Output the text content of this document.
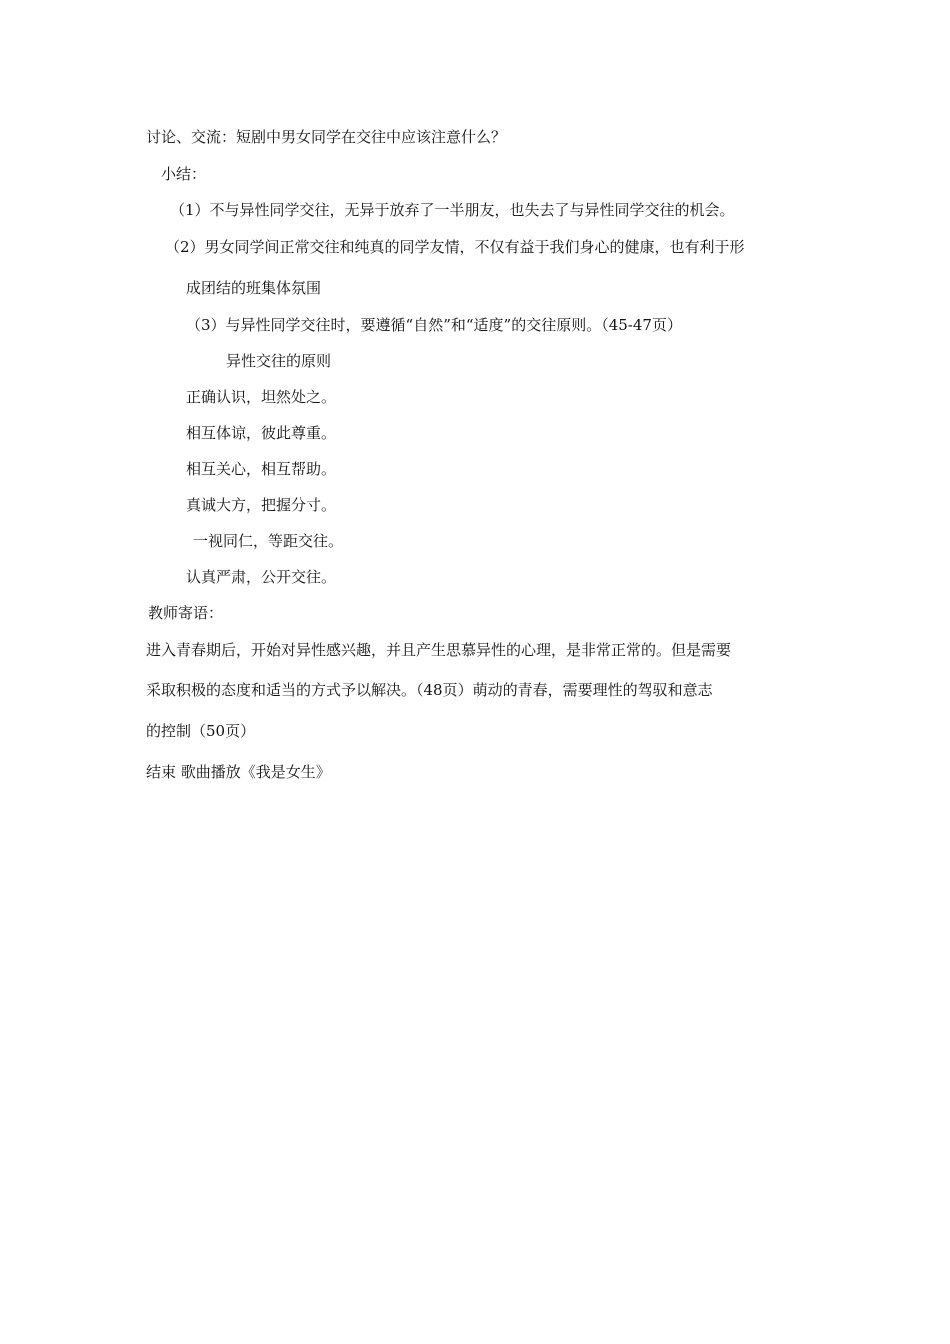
讨论、交流：短剧中男女同学在交往中应该注意什么？
小结：
（1）不与异性同学交往，无异于放弃了一半朋友，也失去了与异性同学交往的机会。
（2）男女同学间正常交往和纯真的同学友情，不仅有益于我们身心的健康，也有利于形
成团结的班集体氛围
（3）与异性同学交往时，要遵循“自然”和“适度”的交往原则。（45-47页）
异性交往的原则
正确认识，坦然处之。
相互体谅，彼此尊重。
相互关心，相互帮助。
真诚大方，把握分寸。
一视同仁，等距交往。
认真严肃，公开交往。
教师寄语：
进入青春期后，开始对异性感兴趣，并且产生思慕异性的心理，是非常正常的。但是需要
采取积极的态度和适当的方式予以解决。（48页）萌动的青春，需要理性的驾驭和意志
的控制（50页）
结束 歌曲播放《我是女生》
